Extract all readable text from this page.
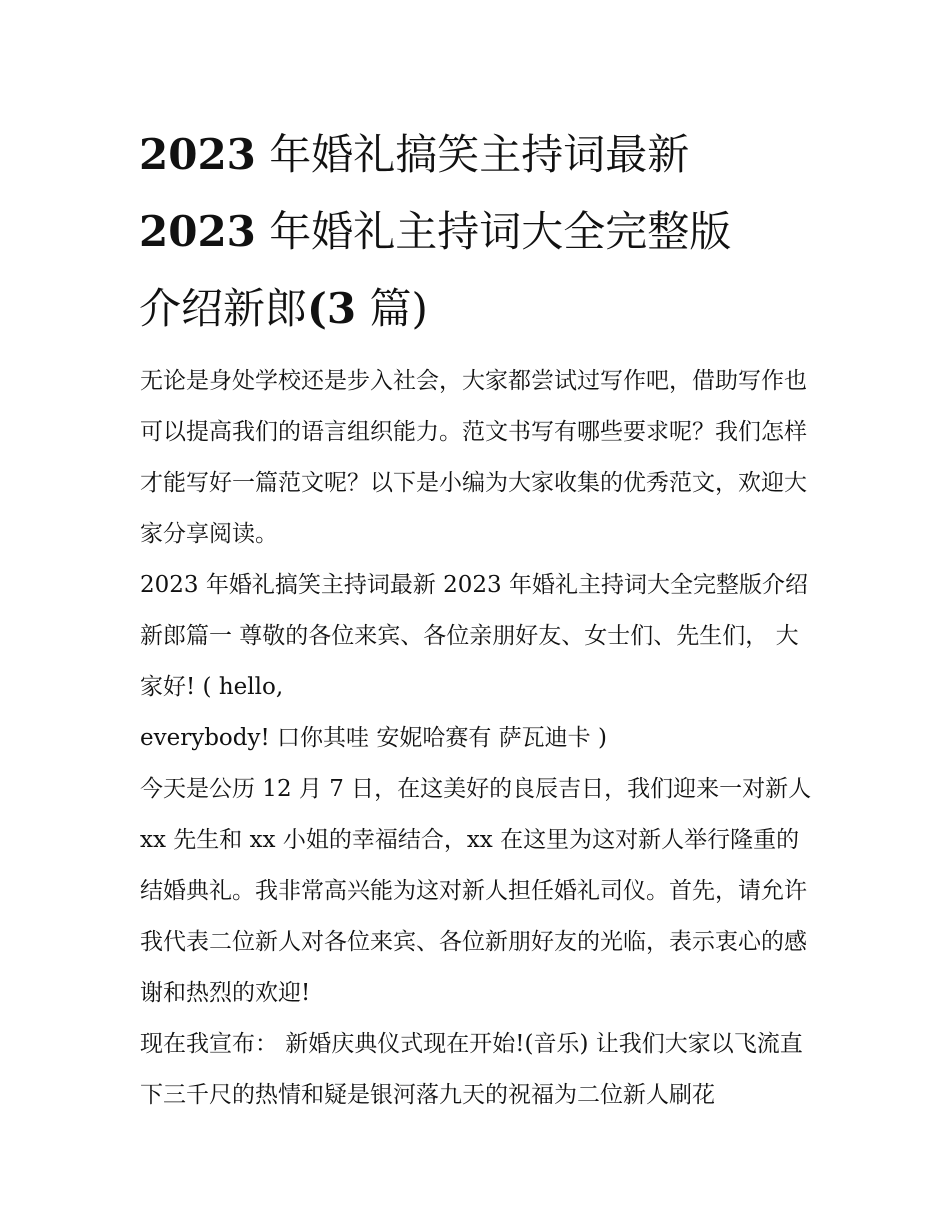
2023 年婚礼搞笑主持词最新
2023 年婚礼主持词大全完整版
介绍新郎(3 篇)

无论是身处学校还是步入社会，大家都尝试过写作吧，借助写作也可以提高我们的语言组织能力。范文书写有哪些要求呢？我们怎样才能写好一篇范文呢？以下是小编为大家收集的优秀范文，欢迎大家分享阅读。

2023 年婚礼搞笑主持词最新 2023 年婚礼主持词大全完整版介绍新郎篇一 尊敬的各位来宾、各位亲朋好友、女士们、先生们， 大家好! ( hello,

everybody! 口你其哇 安妮哈赛有 萨瓦迪卡 )

今天是公历 12 月 7 日，在这美好的良辰吉日，我们迎来一对新人 xx 先生和 xx 小姐的幸福结合，xx 在这里为这对新人举行隆重的结婚典礼。我非常高兴能为这对新人担任婚礼司仪。首先，请允许我代表二位新人对各位来宾、各位新朋好友的光临，表示衷心的感谢和热烈的欢迎!

现在我宣布： 新婚庆典仪式现在开始!(音乐) 让我们大家以飞流直下三千尺的热情和疑是银河落九天的祝福为二位新人刷花
